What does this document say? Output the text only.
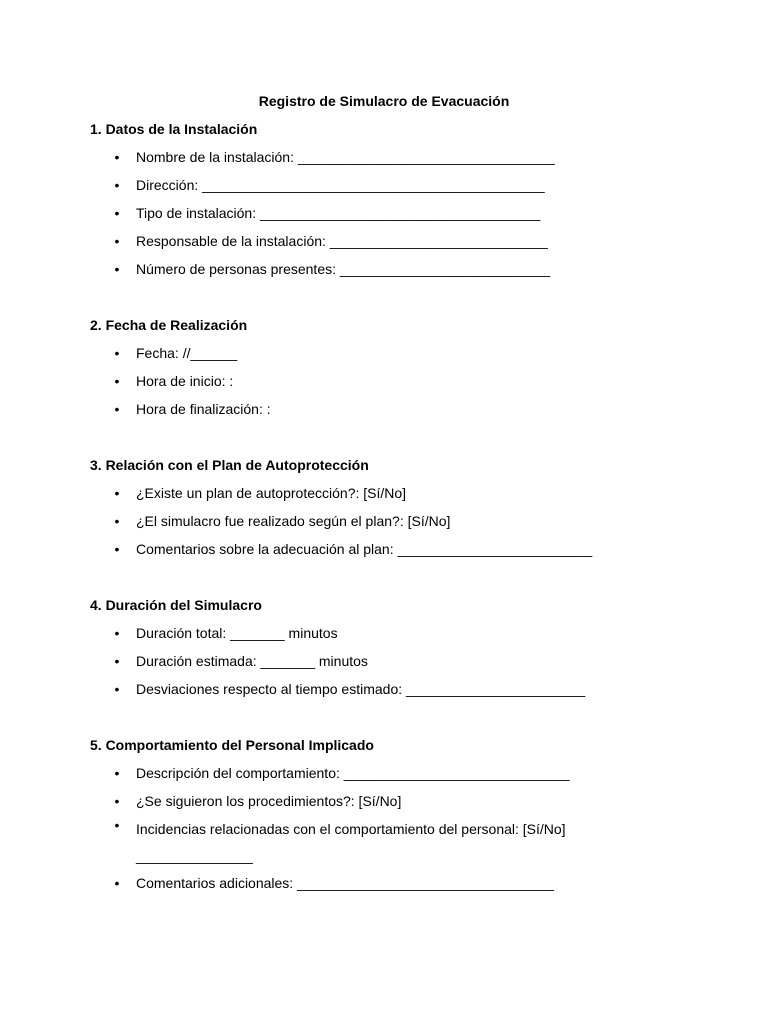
Registro de Simulacro de Evacuación
1. Datos de la Instalación
• Nombre de la instalación: _________________________________
• Dirección: ____________________________________________
• Tipo de instalación: ____________________________________
• Responsable de la instalación: ____________________________
• Número de personas presentes: ___________________________
2. Fecha de Realización
• Fecha: //______
• Hora de inicio: :
• Hora de finalización: :
3. Relación con el Plan de Autoprotección
• ¿Existe un plan de autoprotección?: [Sí/No]
• ¿El simulacro fue realizado según el plan?: [Sí/No]
• Comentarios sobre la adecuación al plan: _________________________
4. Duración del Simulacro
• Duración total: _______ minutos
• Duración estimada: _______ minutos
• Desviaciones respecto al tiempo estimado: _______________________
5. Comportamiento del Personal Implicado
• Descripción del comportamiento: _____________________________
• ¿Se siguieron los procedimientos?: [Sí/No]
• Incidencias relacionadas con el comportamiento del personal: [Sí/No] _______________
• Comentarios adicionales: _________________________________
